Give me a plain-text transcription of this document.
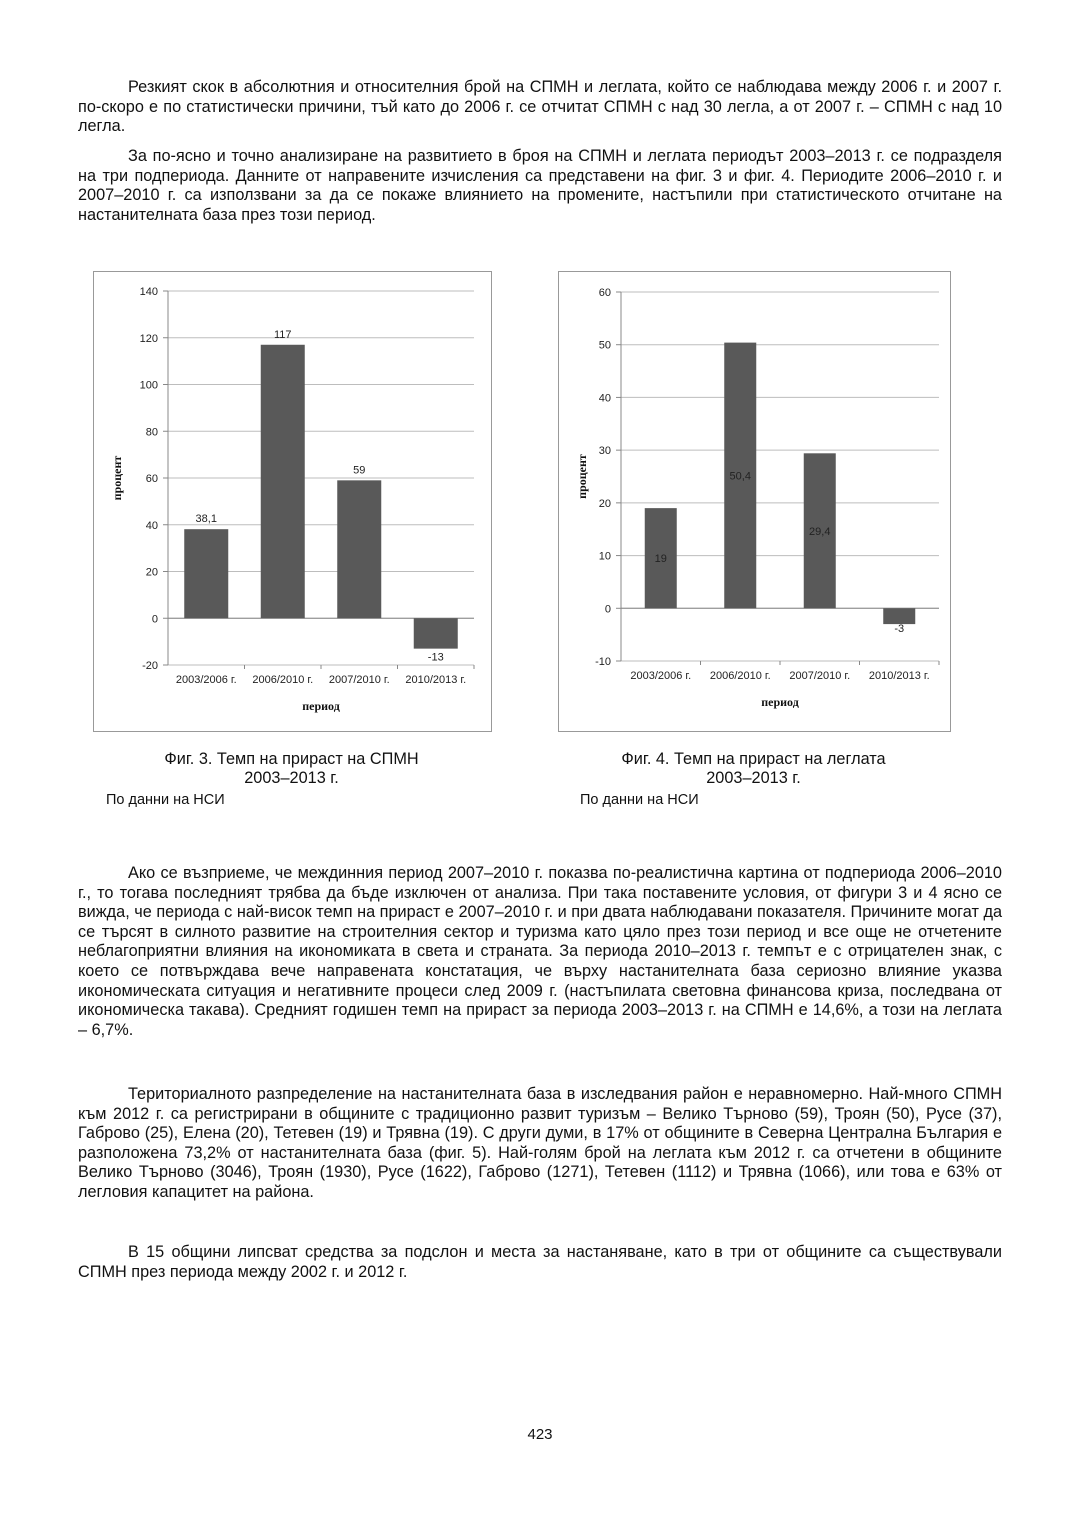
Резкият скок в абсолютния и относителния брой на СПМН и леглата, който се наблюдава между 2006 г. и 2007 г. по-скоро е по статистически причини, тъй като до 2006 г. се отчитат СПМН с над 30 легла, а от 2007 г. – СПМН с над 10 легла.

За по-ясно и точно анализиране на развитието в броя на СПМН и леглата периодът 2003–2013 г. се подразделя на три подпериода. Данните от направените изчисления са представени на фиг. 3 и фиг. 4. Периодите 2006–2010 г. и 2007–2010 г. са използвани за да се покаже влиянието на промените, настъпили при статистическото отчитане на настанителната база през този период.

-20
0
20
40
60
80
100
120
140
38,1
2003/2006 г.
117
2006/2010 г.
59
2007/2010 г.
-13
2010/2013 г.
период
процент
-10
0
10
20
30
40
50
60
19
2003/2006 г.
50,4
2006/2010 г.
29,4
2007/2010 г.
-3
2010/2013 г.
период
процент
Фиг. 3. Темп на прираст на СПМН
2003–2013 г.
По данни на НСИ
Фиг. 4. Темп на прираст на леглата
2003–2013 г.
По данни на НСИ

Ако се възприеме, че междинния период 2007–2010 г. показва по-реалистична картина от подпериода 2006–2010 г., то тогава последният трябва да бъде изключен от анализа. При така поставените условия, от фигури 3 и 4 ясно се вижда, че периода с най-висок темп на прираст е 2007–2010 г. и при двата наблюдавани показателя. Причините могат да се търсят в силното развитие на строителния сектор и туризма като цяло през този период и все още не отчетените неблагоприятни влияния на икономиката в света и страната. За периода 2010–2013 г. темпът е с отрицателен знак, с което се потвърждава вече направената констатация, че върху настанителната база сериозно влияние указва икономическата ситуация и негативните процеси след 2009 г. (настъпилата световна финансова криза, последвана от икономическа такава). Средният годишен темп на прираст за периода 2003–2013 г. на СПМН е 14,6%, а този на леглата – 6,7%.

Териториалното разпределение на настанителната база в изследвания район е неравномерно. Най-много СПМН към 2012 г. са регистрирани в общините с традиционно развит туризъм – Велико Търново (59), Троян (50), Русе (37), Габрово (25), Елена (20), Тетевен (19) и Трявна (19). С други думи, в 17% от общините в Северна Централна България е разположена 73,2% от настанителната база (фиг. 5). Най-голям брой на леглата към 2012 г. са отчетени в общините Велико Търново (3046), Троян (1930), Русе (1622), Габрово (1271), Тетевен (1112) и Трявна (1066), или това е 63% от легловия капацитет на района.

В 15 общини липсват средства за подслон и места за настаняване, като в три от общините са съществували СПМН през периода между 2002 г. и 2012 г.

423
